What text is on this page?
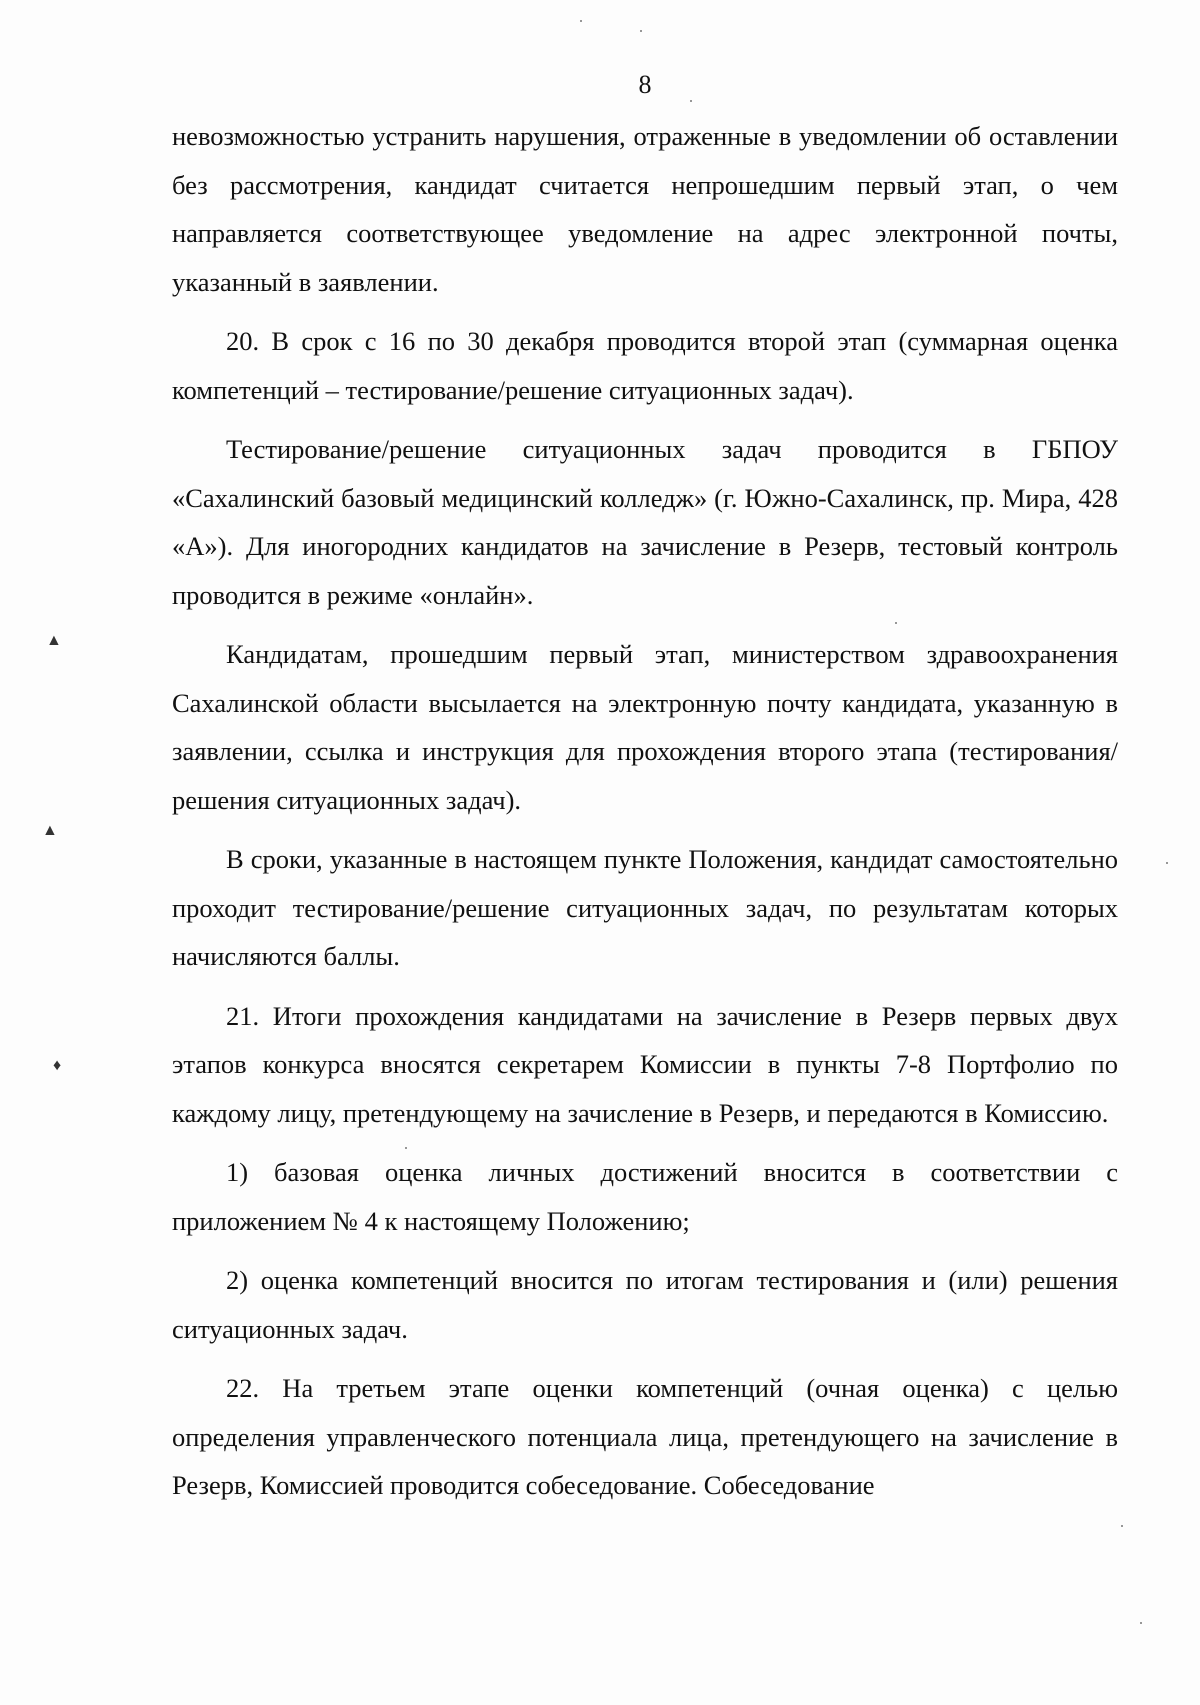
8

невозможностью устранить нарушения, отраженные в уведомлении об оставлении без рассмотрения, кандидат считается непрошедшим первый этап, о чем направляется соответствующее уведомление на адрес электронной почты, указанный в заявлении.

20. В срок с 16 по 30 декабря проводится второй этап (суммарная оценка компетенций – тестирование/решение ситуационных задач).

Тестирование/решение ситуационных задач проводится в ГБПОУ «Сахалинский базовый медицинский колледж» (г. Южно-Сахалинск, пр. Мира, 428 «А»). Для иногородних кандидатов на зачисление в Резерв, тестовый контроль проводится в режиме «онлайн».

Кандидатам, прошедшим первый этап, министерством здравоохранения Сахалинской области высылается на электронную почту кандидата, указанную в заявлении, ссылка и инструкция для прохождения второго этапа (тестирования/ решения ситуационных задач).

В сроки, указанные в настоящем пункте Положения, кандидат самостоятельно проходит тестирование/решение ситуационных задач, по результатам которых начисляются баллы.

21. Итоги прохождения кандидатами на зачисление в Резерв первых двух этапов конкурса вносятся секретарем Комиссии в пункты 7-8 Портфолио по каждому лицу, претендующему на зачисление в Резерв, и передаются в Комиссию.

1) базовая оценка личных достижений вносится в соответствии с приложением № 4 к настоящему Положению;

2) оценка компетенций вносится по итогам тестирования и (или) решения ситуационных задач.

22. На третьем этапе оценки компетенций (очная оценка) с целью определения управленческого потенциала лица, претендующего на зачисление в Резерв, Комиссией проводится собеседование. Собеседование

▲
▲
♦
